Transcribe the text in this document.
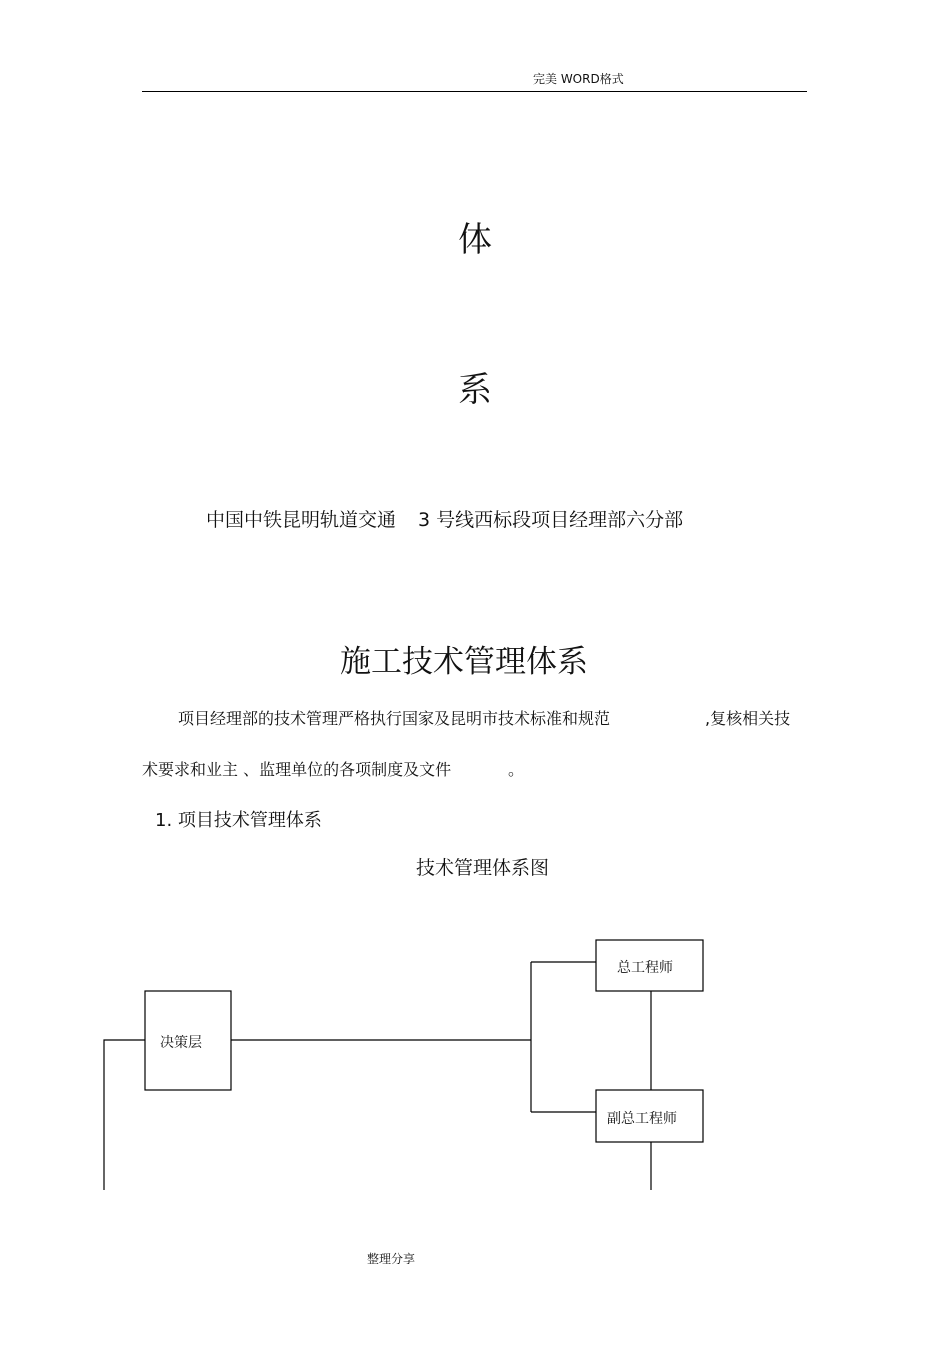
完美 WORD格式
体
系
中国中铁昆明轨道交通 3 号线西标段项目经理部六分部
施工技术管理体系
项目经理部的技术管理严格执行国家及昆明市技术标准和规范	,复核相关技
术要求和业主 、监理单位的各项制度及文件	。
1. 项目技术管理体系
技术管理体系图
决策层
总工程师
副总工程师
整理分享
